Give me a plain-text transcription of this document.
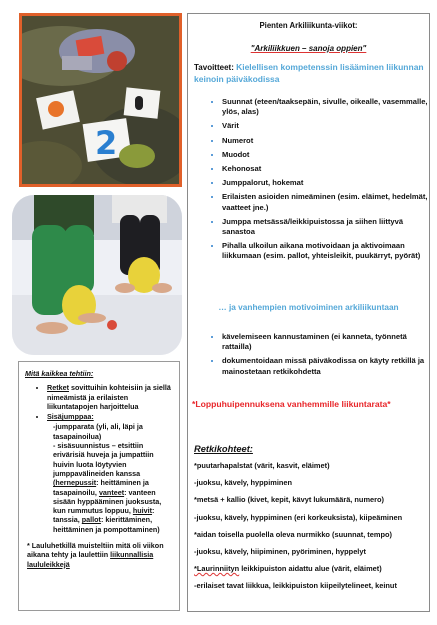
2
Mitä kaikkea tehtiin:
• Retket sovittuihin kohteisiin ja siellä nimeämistä ja erilaisten liikuntatapojen harjoittelua
• Sisäjumppaa:
-jumpparata (yli, ali, läpi ja tasapainoilua)
- sisäsuunnistus – etsittiin erivärisiä huveja ja jumpattiin huivin luota löytyvien jumppavälineiden kanssa
(hernepussit: heittäminen ja tasapainoilu, vanteet: vanteen sisään hyppääminen juoksusta, kun rummutus loppuu, huivit: tanssia, pallot: kierittäminen, heittäminen ja pompottaminen)
* Lauluhetkillä muisteltiin mitä oli viikon aikana tehty ja laulettiin liikunnallisia laululeikkejä
Pienten Arkiliikunta-viikot:
"Arkiliikkuen – sanoja oppien"
Tavoitteet: Kielellisen kompetenssin lisääminen liikunnan keinoin päiväkodissa
• Suunnat (eteen/taaksepäin, sivulle, oikealle, vasemmalle, ylös, alas)
• Värit
• Numerot
• Muodot
• Kehonosat
• Jumppalorut, hokemat
• Erilaisten asioiden nimeäminen (esim. eläimet, hedelmät, vaatteet jne.)
• Jumppa metsässä/leikkipuistossa ja siihen liittyvä sanastoa
• Pihalla ulkoilun aikana motivoidaan ja aktivoimaan liikkumaan (esim. pallot, yhteisleikit, puukärryt, pyörät)
… ja vanhempien motivoiminen arkiliikuntaan
• kävelemiseen kannustaminen (ei kanneta, työnnetä rattailla)
• dokumentoidaan missä päiväkodissa on käyty retkillä ja mainostetaan retkikohdetta
*Loppuhuipennuksena vanhemmille liikuntarata*
Retkikohteet:
*puutarhapalstat (värit, kasvit, eläimet)
-juoksu, kävely, hyppiminen
*metsä + kallio (kivet, kepit, kävyt lukumäärä, numero)
-juoksu, kävely, hyppiminen (eri korkeuksista), kiipeäminen
*aidan toisella puolella oleva nurmikko (suunnat, tempo)
-juoksu, kävely, hiipiminen, pyöriminen, hyppelyt
*Laurinniityn leikkipuiston aidattu alue (värit, eläimet)
-erilaiset tavat liikkua, leikkipuiston kiipeilytelineet, keinut
